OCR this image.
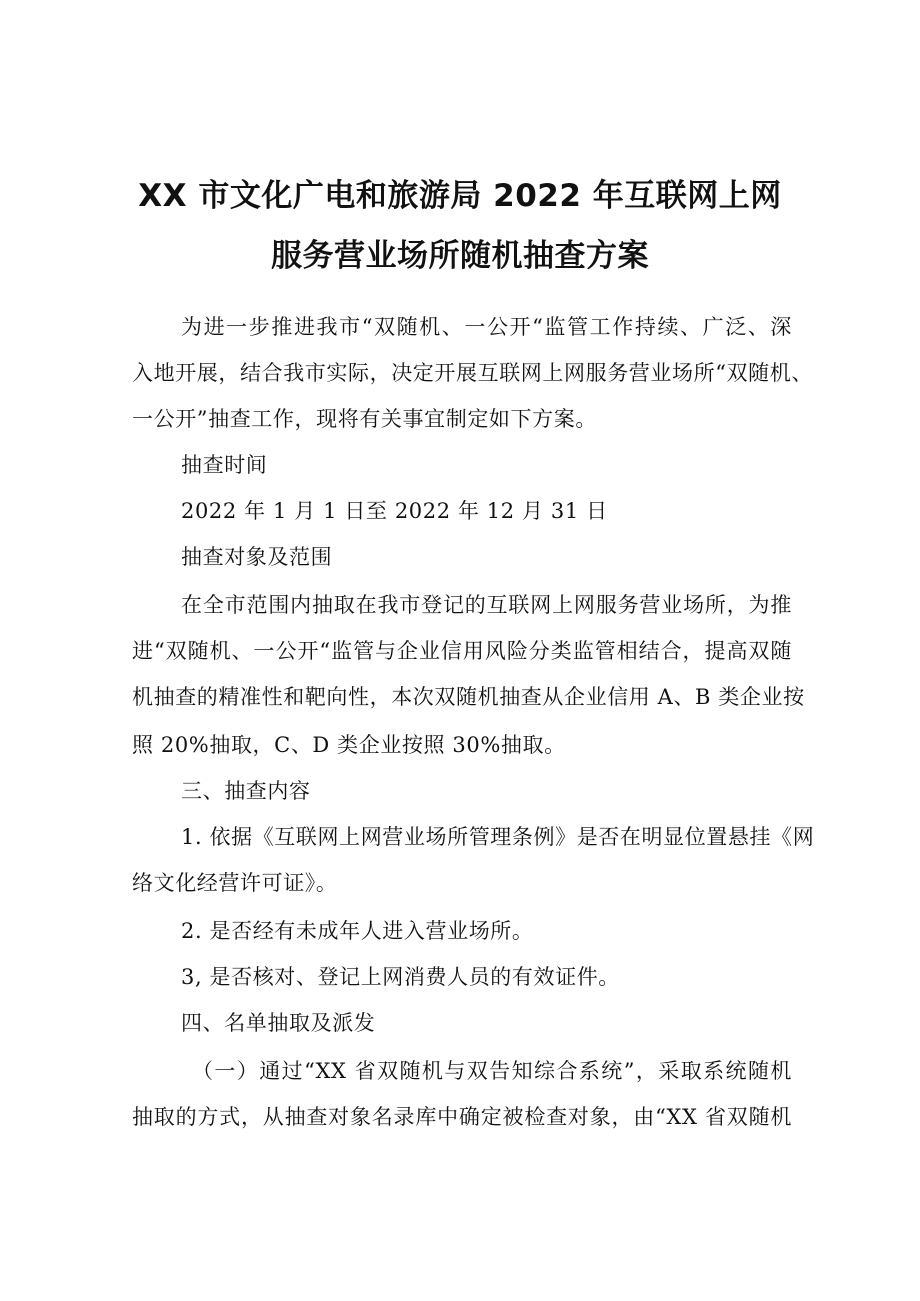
XX 市文化广电和旅游局 2022 年互联网上网
服务营业场所随机抽查方案
为进一步推进我市“双随机、一公开“监管工作持续、广泛、深
入地开展，结合我市实际，决定开展互联网上网服务营业场所“双随机、
一公开”抽查工作，现将有关事宜制定如下方案。
抽查时间
2022 年 1 月 1 日至 2022 年 12 月 31 日
抽查对象及范围
在全市范围内抽取在我市登记的互联网上网服务营业场所，为推
进“双随机、一公开“监管与企业信用风险分类监管相结合，提高双随
机抽查的精准性和靶向性，本次双随机抽查从企业信用 A、B 类企业按
照 20%抽取，C、D 类企业按照 30%抽取。
三、抽查内容
1. 依据《互联网上网营业场所管理条例》是否在明显位置悬挂《网
络文化经营许可证》。
2. 是否经有未成年人进入营业场所。
3, 是否核对、登记上网消费人员的有效证件。
四、名单抽取及派发
（一）通过“XX 省双随机与双告知综合系统”，采取系统随机
抽取的方式，从抽查对象名录库中确定被检查对象，由“XX 省双随机
